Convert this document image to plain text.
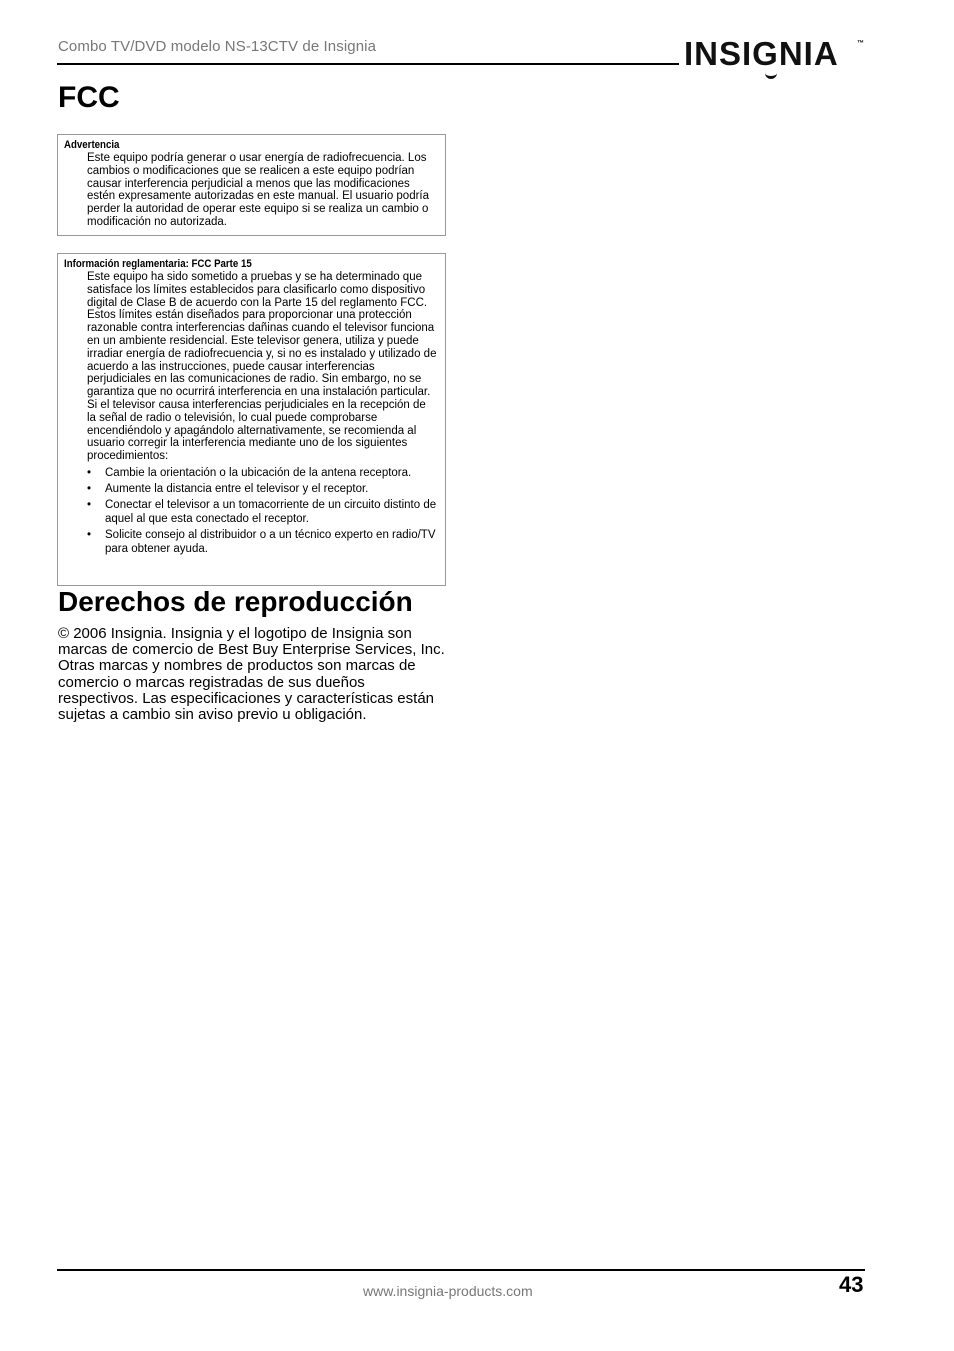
Combo TV/DVD modelo NS-13CTV de Insignia	INSIGNIA	™
FCC
Advertencia

Este equipo podría generar o usar energía de radiofrecuencia. Los cambios o modificaciones que se realicen a este equipo podrían causar interferencia perjudicial a menos que las modificaciones estén expresamente autorizadas en este manual. El usuario podría perder la autoridad de operar este equipo si se realiza un cambio o modificación no autorizada.

Información reglamentaria: FCC Parte 15

Este equipo ha sido sometido a pruebas y se ha determinado que satisface los límites establecidos para clasificarlo como dispositivo digital de Clase B de acuerdo con la Parte 15 del reglamento FCC. Estos límites están diseñados para proporcionar una protección razonable contra interferencias dañinas cuando el televisor funciona en un ambiente residencial. Este televisor genera, utiliza y puede irradiar energía de radiofrecuencia y, si no es instalado y utilizado de acuerdo a las instrucciones, puede causar interferencias perjudiciales en las comunicaciones de radio. Sin embargo, no se garantiza que no ocurrirá interferencia en una instalación particular. Si el televisor causa interferencias perjudiciales en la recepción de la señal de radio o televisión, lo cual puede comprobarse encendiéndolo y apagándolo alternativamente, se recomienda al usuario corregir la interferencia mediante uno de los siguientes procedimientos:

• Cambie la orientación o la ubicación de la antena receptora.
• Aumente la distancia entre el televisor y el receptor.
• Conectar el televisor a un tomacorriente de un circuito distinto de aquel al que esta conectado el receptor.
• Solicite consejo al distribuidor o a un técnico experto en radio/TV para obtener ayuda.
Derechos de reproducción

© 2006 Insignia. Insignia y el logotipo de Insignia son marcas de comercio de Best Buy Enterprise Services, Inc. Otras marcas y nombres de productos son marcas de comercio o marcas registradas de sus dueños respectivos. Las especificaciones y características están sujetas a cambio sin aviso previo u obligación.

www.insignia-products.com	43
